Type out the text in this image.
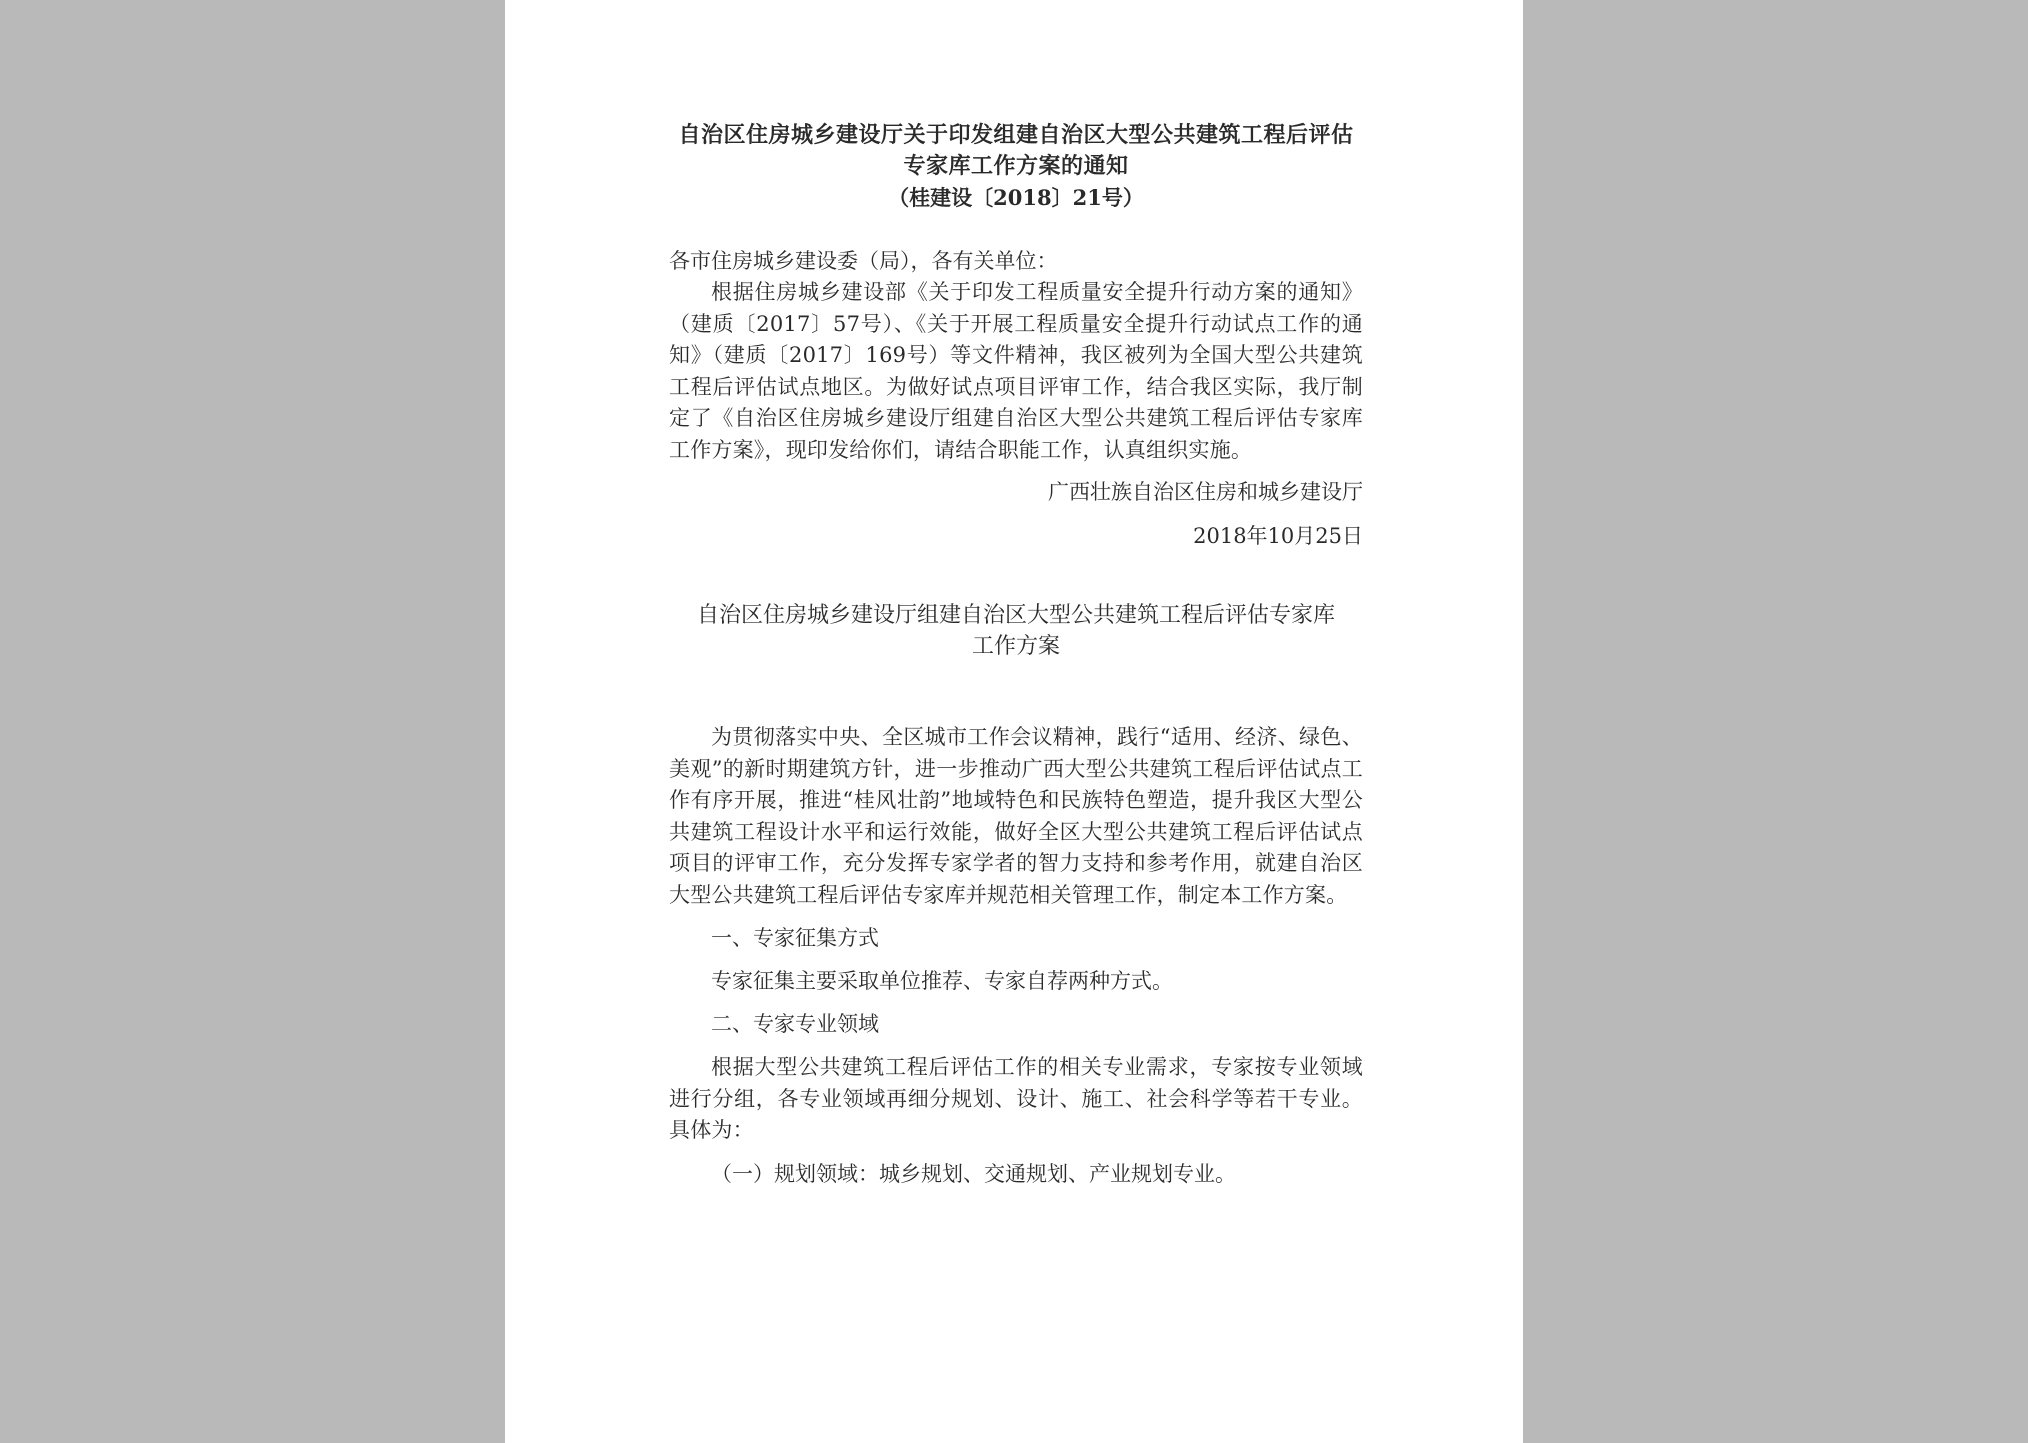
自治区住房城乡建设厅关于印发组建自治区大型公共建筑工程后评估专家库工作方案的通知

（桂建设〔2018〕21号）

各市住房城乡建设委（局），各有关单位：

根据住房城乡建设部《关于印发工程质量安全提升行动方案的通知》（建质〔2017〕57号）、《关于开展工程质量安全提升行动试点工作的通知》（建质〔2017〕169号）等文件精神，我区被列为全国大型公共建筑工程后评估试点地区。为做好试点项目评审工作，结合我区实际，我厅制定了《自治区住房城乡建设厅组建自治区大型公共建筑工程后评估专家库工作方案》，现印发给你们，请结合职能工作，认真组织实施。

广西壮族自治区住房和城乡建设厅
2018年10月25日
自治区住房城乡建设厅组建自治区大型公共建筑工程后评估专家库工作方案

为贯彻落实中央、全区城市工作会议精神，践行“适用、经济、绿色、美观”的新时期建筑方针，进一步推动广西大型公共建筑工程后评估试点工作有序开展，推进“桂风壮韵”地域特色和民族特色塑造，提升我区大型公共建筑工程设计水平和运行效能，做好全区大型公共建筑工程后评估试点项目的评审工作，充分发挥专家学者的智力支持和参考作用，就建自治区大型公共建筑工程后评估专家库并规范相关管理工作，制定本工作方案。

一、专家征集方式

专家征集主要采取单位推荐、专家自荐两种方式。

二、专家专业领域

根据大型公共建筑工程后评估工作的相关专业需求，专家按专业领域进行分组，各专业领域再细分规划、设计、施工、社会科学等若干专业。具体为：

（一）规划领域：城乡规划、交通规划、产业规划专业。
